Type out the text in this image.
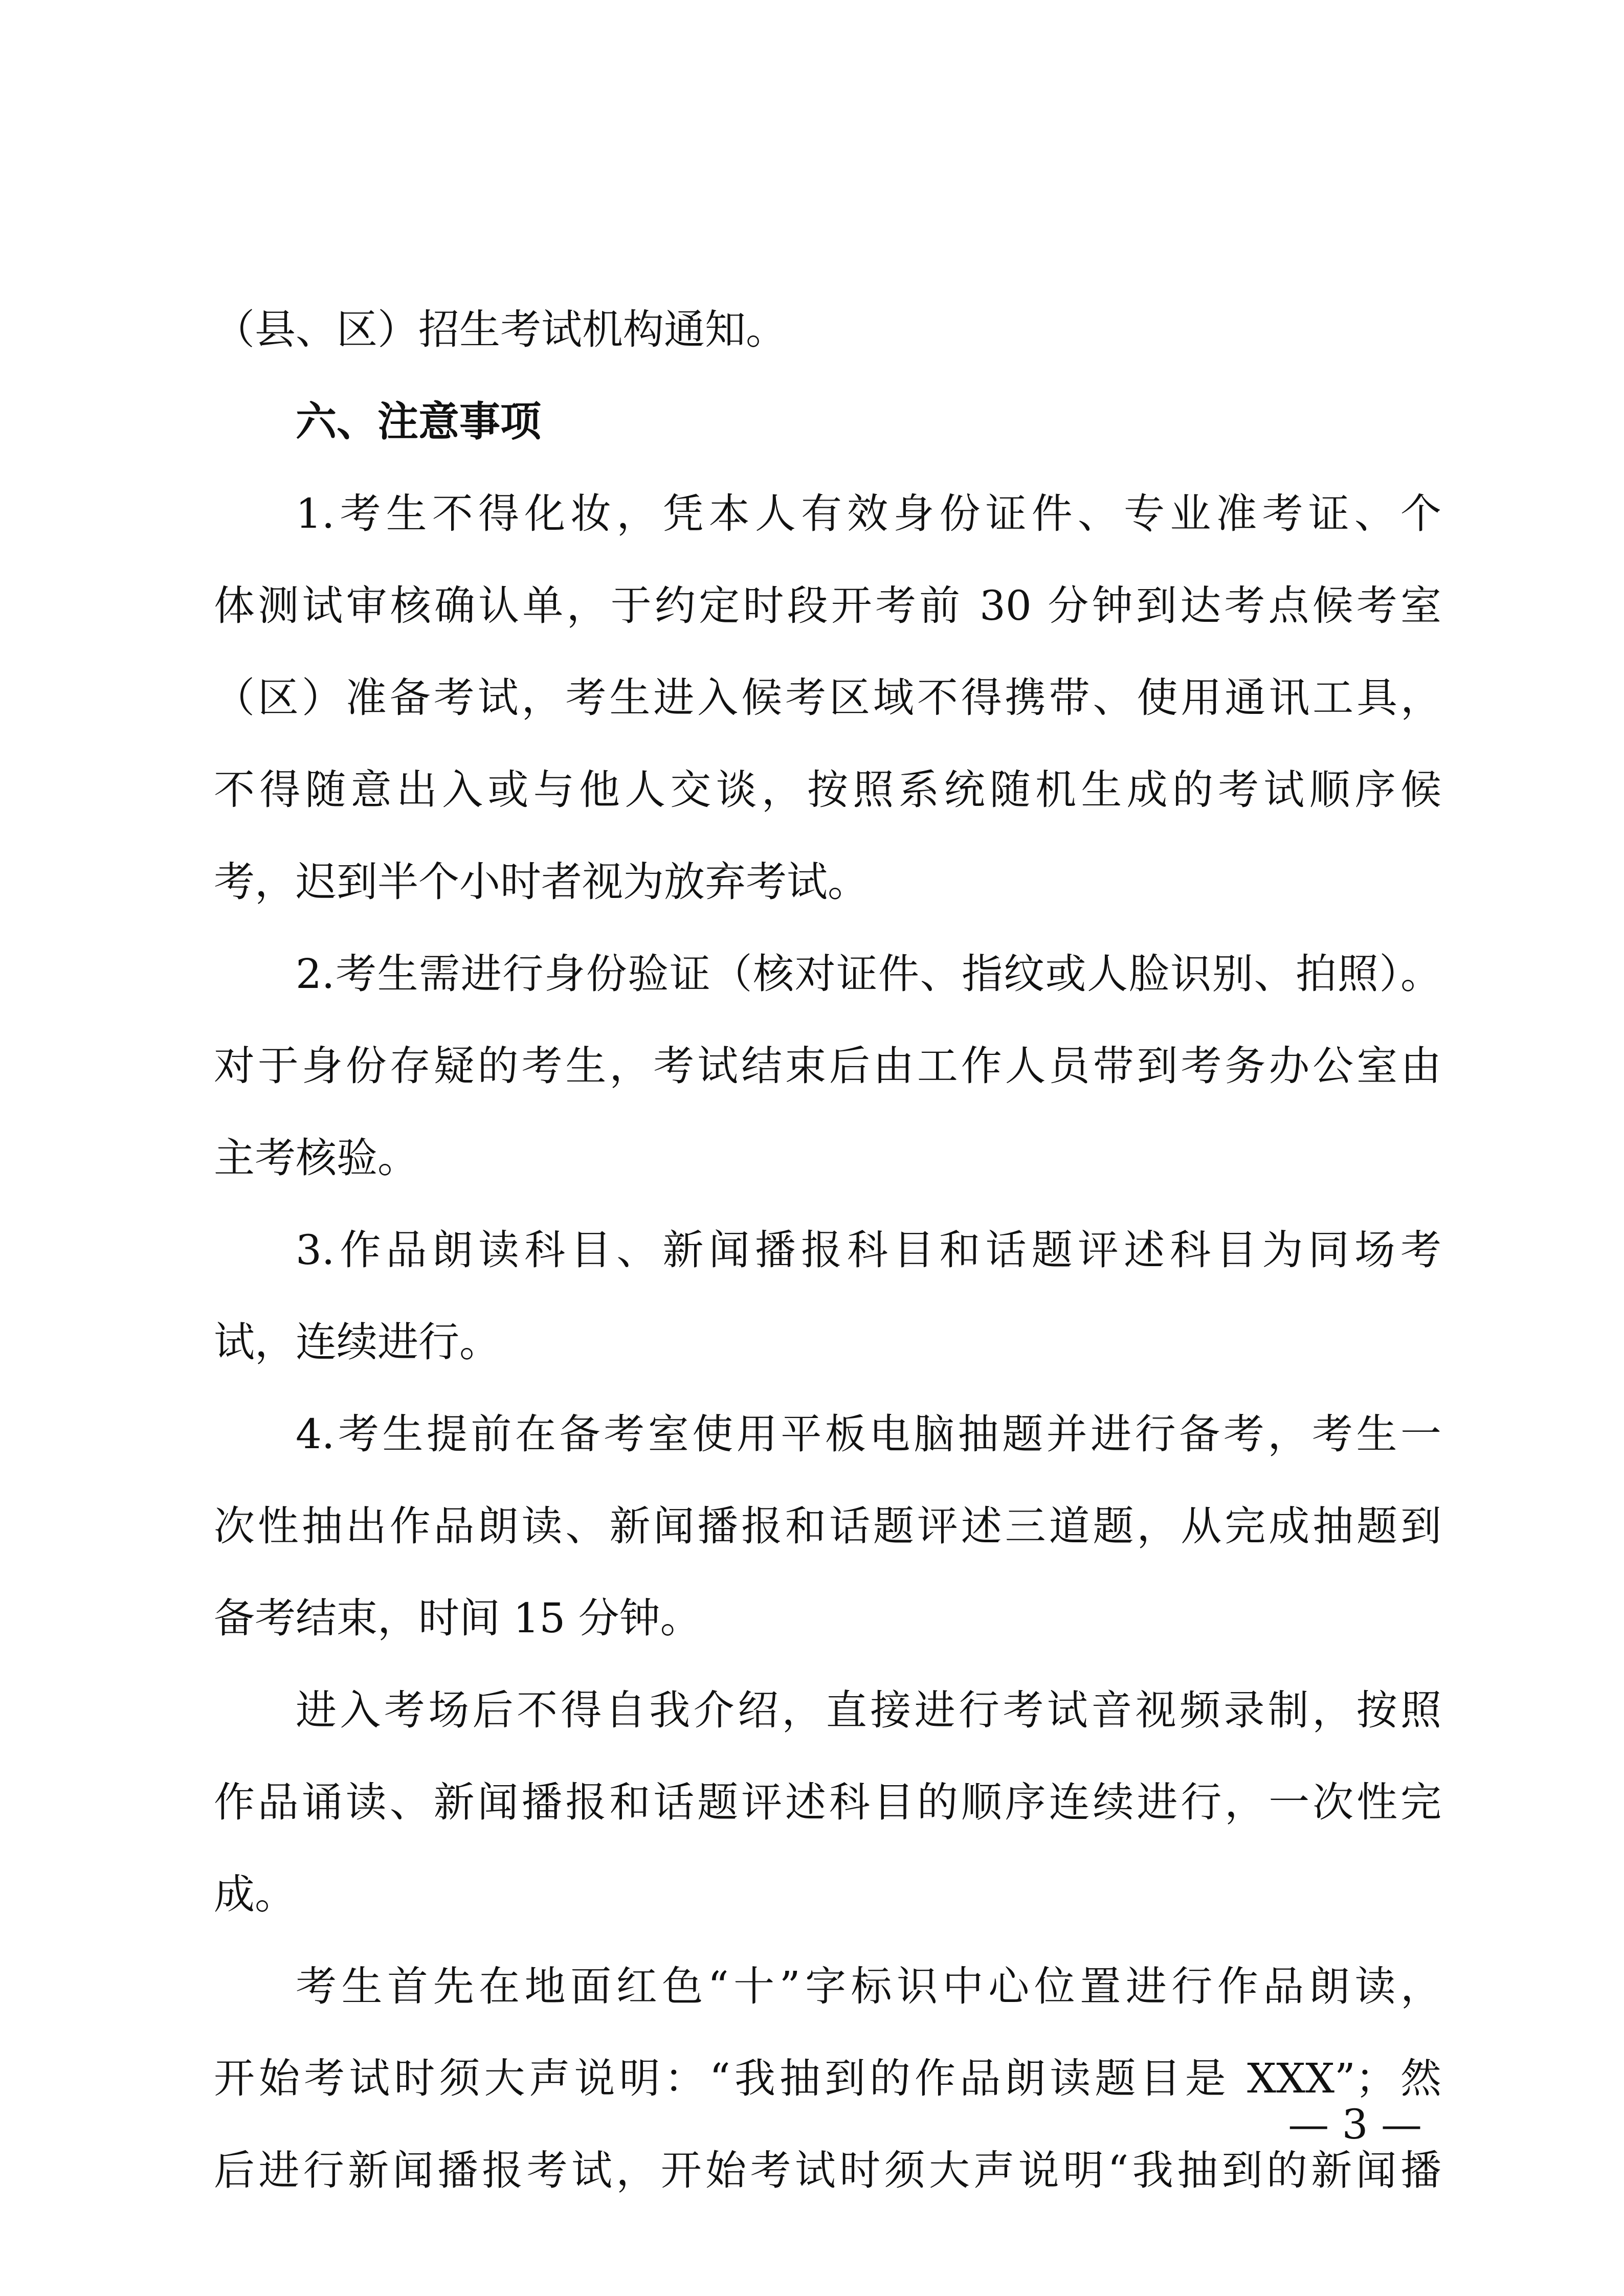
（县、区）招生考试机构通知。
六、注意事项
1.考生不得化妆，凭本人有效身份证件、专业准考证、个
体测试审核确认单，于约定时段开考前 30 分钟到达考点候考室
（区）准备考试，考生进入候考区域不得携带、使用通讯工具，
不得随意出入或与他人交谈，按照系统随机生成的考试顺序候
考，迟到半个小时者视为放弃考试。
2.考生需进行身份验证（核对证件、指纹或人脸识别、拍照）。
对于身份存疑的考生，考试结束后由工作人员带到考务办公室由
主考核验。
3.作品朗读科目、新闻播报科目和话题评述科目为同场考
试，连续进行。
4.考生提前在备考室使用平板电脑抽题并进行备考，考生一
次性抽出作品朗读、新闻播报和话题评述三道题，从完成抽题到
备考结束，时间 15 分钟。
进入考场后不得自我介绍，直接进行考试音视频录制，按照
作品诵读、新闻播报和话题评述科目的顺序连续进行，一次性完
成。
考生首先在地面红色“十”字标识中心位置进行作品朗读，
开始考试时须大声说明：“我抽到的作品朗读题目是 XXX”；然
后进行新闻播报考试，开始考试时须大声说明“我抽到的新闻播
— 3 —
